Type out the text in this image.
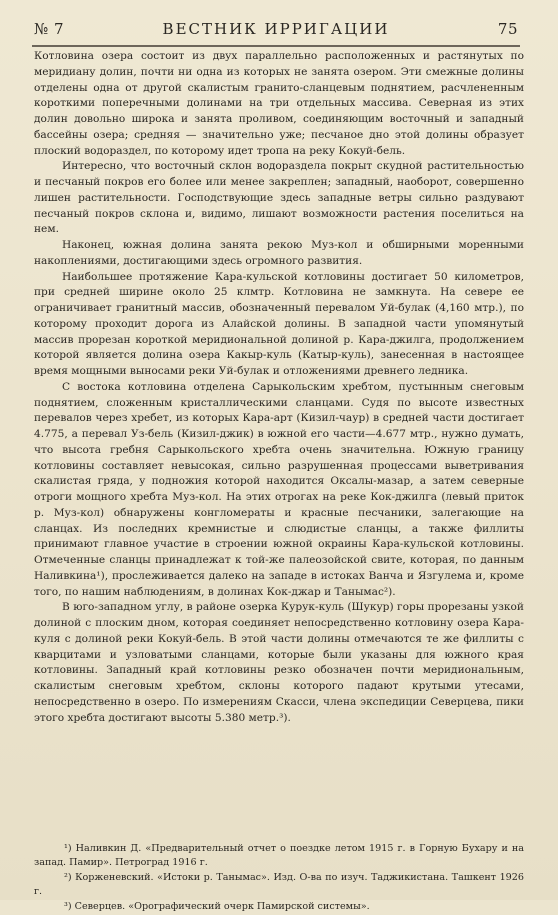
№ 7	ВЕСТНИК ИРРИГАЦИИ	75

Котловина озера состоит из двух параллельно расположенных и растянутых по меридиану долин, почти ни одна из которых не занята озером. Эти смежные долины отделены одна от другой скалистым гранито-сланцевым поднятием, расчлененным короткими поперечными долинами на три отдельных массива. Северная из этих долин довольно широка и занята проливом, соединяющим восточный и западный бассейны озера; средняя — значительно уже; песчаное дно этой долины образует плоский водораздел, по которому идет тропа на реку Кокуй-бель.

Интересно, что восточный склон водораздела покрыт скудной растительностью и песчаный покров его более или менее закреплен; западный, наоборот, совершенно лишен растительности. Господствующие здесь западные ветры сильно раздувают песчаный покров склона и, видимо, лишают возможности растения поселиться на нем.

Наконец, южная долина занята рекою Муз-кол и обширными моренными накоплениями, достигающими здесь огромного развития.

Наибольшее протяжение Кара-кульской котловины достигает 50 километров, при средней ширине около 25 клмтр. Котловина не замкнута. На севере ее ограничивает гранитный массив, обозначенный перевалом Уй-булак (4,160 мтр.), по которому проходит дорога из Алайской долины. В западной части упомянутый массив прорезан короткой меридиональной долиной р. Кара-джилга, продолжением которой является долина озера Какыр-куль (Катыр-куль), занесенная в настоящее время мощными выносами реки Уй-булак и отложениями древнего ледника.

С востока котловина отделена Сарыкольским хребтом, пустынным снеговым поднятием, сложенным кристаллическими сланцами. Судя по высоте известных перевалов через хребет, из которых Кара-арт (Кизил-чаур) в средней части достигает 4.775, а перевал Уз-бель (Кизил-джик) в южной его части—4.677 мтр., нужно думать, что высота гребня Сарыкольского хребта очень значительна. Южную границу котловины составляет невысокая, сильно разрушенная процессами выветривания скалистая гряда, у подножия которой находится Оксалы-мазар, а затем северные отроги мощного хребта Муз-кол. На этих отрогах на реке Кок-джилга (левый приток р. Муз-кол) обнаружены конгломераты и красные песчаники, залегающие на сланцах. Из последних кремнистые и слюдистые сланцы, а также филлиты принимают главное участие в строении южной окраины Кара-кульской котловины. Отмеченные сланцы принадлежат к той-же палеозойской свите, которая, по данным Наливкина¹), прослеживается далеко на западе в истоках Ванча и Язгулема и, кроме того, по нашим наблюдениям, в долинах Кок-джар и Танымас²).

В юго-западном углу, в районе озерка Курук-куль (Шукур) горы прорезаны узкой долиной с плоским дном, которая соединяет непосредственно котловину озера Кара-куля с долиной реки Кокуй-бель. В этой части долины отмечаются те же филлиты с кварцитами и узловатыми сланцами, которые были указаны для южного края котловины. Западный край котловины резко обозначен почти меридиональным, скалистым снеговым хребтом, склоны которого падают крутыми утесами, непосредственно в озеро. По измерениям Скасси, члена экспедиции Северцева, пики этого хребта достигают высоты 5.380 метр.³).

¹) Наливкин Д. «Предварительный отчет о поездке летом 1915 г. в Горную Бухару и на запад. Памир». Петроград 1916 г.

²) Корженевский. «Истоки р. Танымас». Изд. О-ва по изуч. Таджикистана. Ташкент 1926 г.

³) Северцев. «Орографический очерк Памирской системы».
